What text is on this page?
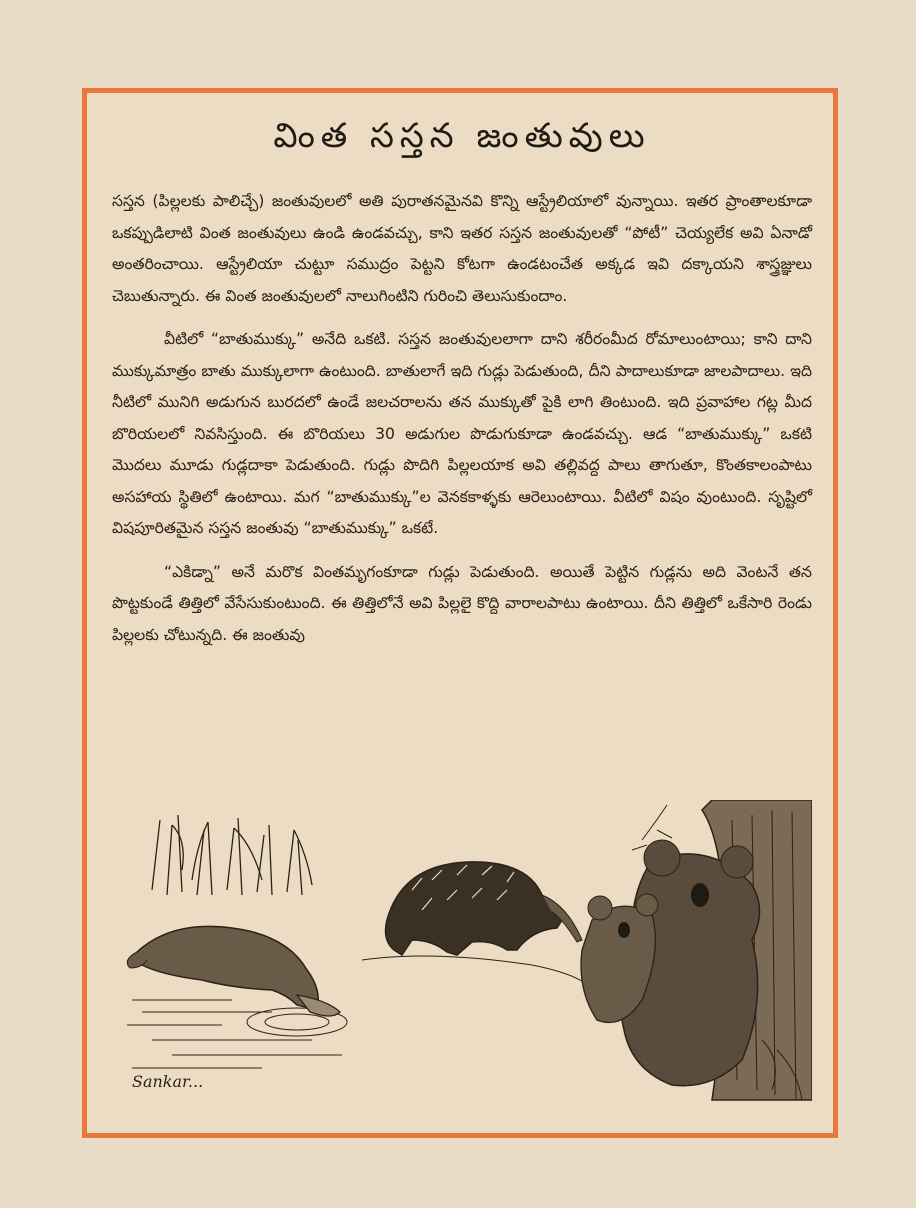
వింత సస్తన జంతువులు

సస్తన (పిల్లలకు పాలిచ్చే) జంతువులలో అతి పురాతనమైనవి కొన్ని ఆస్ట్రేలియాలో వున్నాయి. ఇతర ప్రాంతాలకూడా ఒకప్పుడిలాటి వింత జంతువులు ఉండి ఉండవచ్చు, కాని ఇతర సస్తన జంతువులతో “పోటీ” చెయ్యలేక అవి ఏనాడో అంతరించాయి. ఆస్ట్రేలియా చుట్టూ సముద్రం పెట్టని కోటగా ఉండటంచేత అక్కడ ఇవి దక్కాయని శాస్త్రజ్ఞులు చెబుతున్నారు. ఈ వింత జంతువులలో నాలుగింటిని గురించి తెలుసుకుందాం.

వీటిలో “బాతుముక్కు” అనేది ఒకటి. సస్తన జంతువులలాగా దాని శరీరంమీద రోమాలుంటాయి; కాని దాని ముక్కుమాత్రం బాతు ముక్కులాగా ఉంటుంది. బాతులాగే ఇది గుడ్లు పెడుతుంది, దీని పాదాలుకూడా జాలపాదాలు. ఇది నీటిలో మునిగి అడుగున బురదలో ఉండే జలచరాలను తన ముక్కుతో పైకి లాగి తింటుంది. ఇది ప్రవాహాల గట్ల మీద బొరియలలో నివసిస్తుంది. ఈ బొరియలు 30 అడుగుల పొడుగుకూడా ఉండవచ్చు. ఆడ “బాతుముక్కు” ఒకటి మొదలు మూడు గుడ్లదాకా పెడుతుంది. గుడ్లు పొదిగి పిల్లలయాక అవి తల్లివద్ద పాలు తాగుతూ, కొంతకాలంపాటు అసహాయ స్థితిలో ఉంటాయి. మగ “బాతుముక్కు”ల వెనకకాళ్ళకు ఆరెలుంటాయి. వీటిలో విషం వుంటుంది. సృష్టిలో విషపూరితమైన సస్తన జంతువు “బాతుముక్కు” ఒకటే.

“ఎకిడ్నా” అనే మరొక వింతమృగంకూడా గుడ్లు పెడుతుంది. అయితే పెట్టిన గుడ్లను అది వెంటనే తన పొట్టకుండే తిత్తిలో వేసేసుకుంటుంది. ఈ తిత్తిలోనే అవి పిల్లలై కొద్ది వారాలపాటు ఉంటాయి. దీని తిత్తిలో ఒకేసారి రెండు పిల్లలకు చోటున్నది. ఈ జంతువు

Sankar...
